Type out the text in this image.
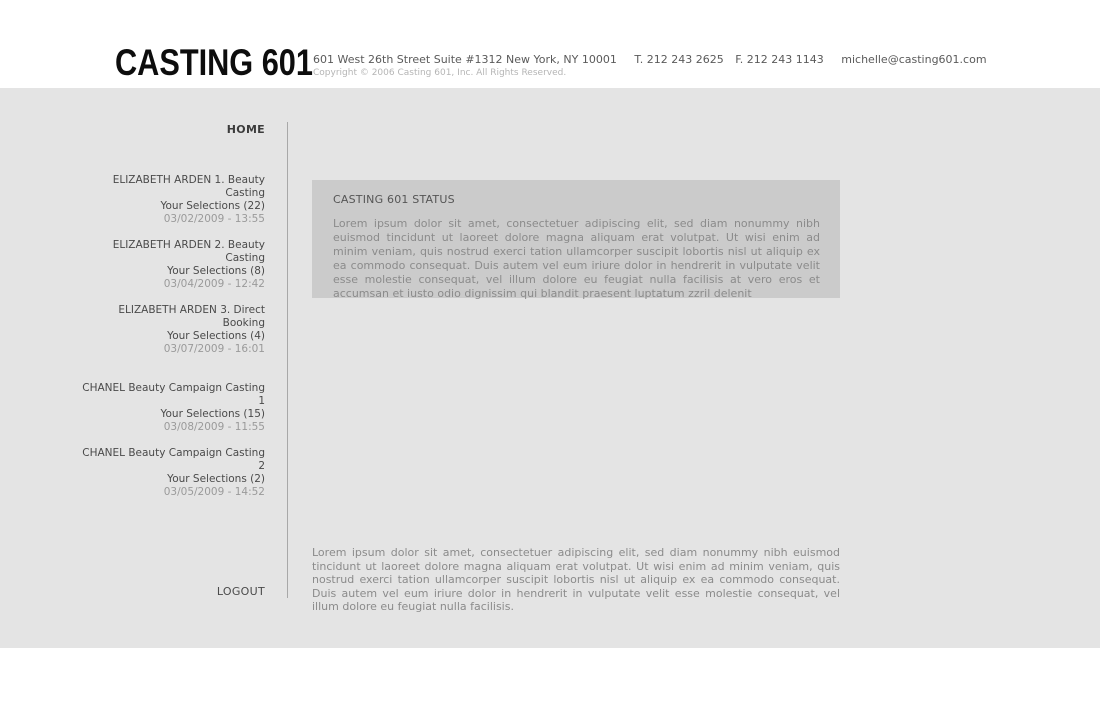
CASTING 601 601 West 26th Street Suite #1312 New York, NY 10001 T. 212 243 2625 F. 212 243 1143 michelle@casting601.com
Copyright © 2006 Casting 601, Inc. All Rights Reserved.
HOME
ELIZABETH ARDEN 1. Beauty Casting
Your Selections (22)
03/02/2009 - 13:55
ELIZABETH ARDEN 2. Beauty Casting
Your Selections (8)
03/04/2009 - 12:42
ELIZABETH ARDEN 3. Direct Booking
Your Selections (4)
03/07/2009 - 16:01
CHANEL Beauty Campaign Casting 1
Your Selections (15)
03/08/2009 - 11:55
CHANEL Beauty Campaign Casting 2
Your Selections (2)
03/05/2009 - 14:52
LOGOUT
CASTING 601 STATUS
Lorem ipsum dolor sit amet, consectetuer adipiscing elit, sed diam nonummy nibh euismod tincidunt ut laoreet dolore magna aliquam erat volutpat. Ut wisi enim ad minim veniam, quis nostrud exerci tation ullamcorper suscipit lobortis nisl ut aliquip ex ea commodo consequat. Duis autem vel eum iriure dolor in hendrerit in vulputate velit esse molestie consequat, vel illum dolore eu feugiat nulla facilisis at vero eros et accumsan et iusto odio dignissim qui blandit praesent luptatum zzril delenit
Lorem ipsum dolor sit amet, consectetuer adipiscing elit, sed diam nonummy nibh euismod tincidunt ut laoreet dolore magna aliquam erat volutpat. Ut wisi enim ad minim veniam, quis nostrud exerci tation ullamcorper suscipit lobortis nisl ut aliquip ex ea commodo consequat. Duis autem vel eum iriure dolor in hendrerit in vulputate velit esse molestie consequat, vel illum dolore eu feugiat nulla facilisis.
